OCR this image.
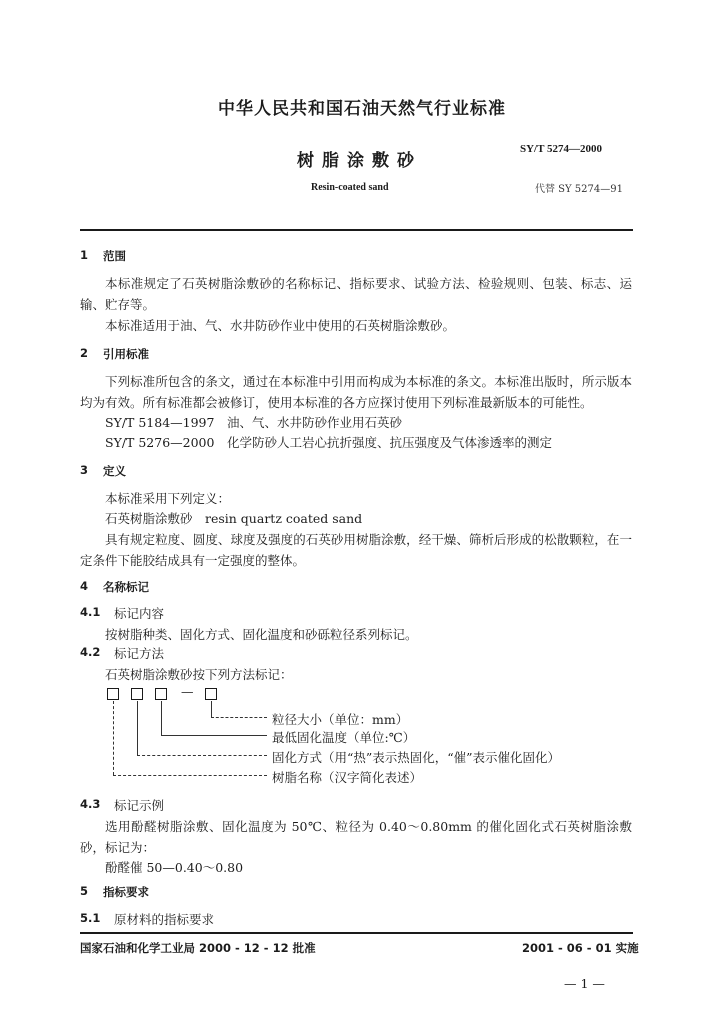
中华人民共和国石油天然气行业标准
树脂涂敷砂
SY/T 5274—2000
Resin-coated sand	代替 SY 5274—91
1 范围
本标准规定了石英树脂涂敷砂的名称标记、指标要求、试验方法、检验规则、包装、标志、运输、贮存等。
本标准适用于油、气、水井防砂作业中使用的石英树脂涂敷砂。
2 引用标准
下列标准所包含的条文，通过在本标准中引用而构成为本标准的条文。本标准出版时，所示版本均为有效。所有标准都会被修订，使用本标准的各方应探讨使用下列标准最新版本的可能性。
SY/T 5184—1997　油、气、水井防砂作业用石英砂
SY/T 5276—2000　化学防砂人工岩心抗折强度、抗压强度及气体渗透率的测定
3 定义
本标准采用下列定义：
石英树脂涂敷砂　resin quartz coated sand
具有规定粒度、圆度、球度及强度的石英砂用树脂涂敷，经干燥、筛析后形成的松散颗粒，在一定条件下能胶结成具有一定强度的整体。
4 名称标记
4.1 标记内容
按树脂种类、固化方式、固化温度和砂砾粒径系列标记。
4.2 标记方法
石英树脂涂敷砂按下列方法标记：
—
粒径大小（单位：mm）
最低固化温度（单位:℃）
固化方式（用“热”表示热固化，“催”表示催化固化）
树脂名称（汉字简化表述）
4.3 标记示例
选用酚醛树脂涂敷、固化温度为 50℃、粒径为 0.40～0.80mm 的催化固化式石英树脂涂敷砂，标记为：
酚醛催 50—0.40～0.80
5 指标要求
5.1 原材料的指标要求
国家石油和化学工业局 2000 - 12 - 12 批准	2001 - 06 - 01 实施
— 1 —
